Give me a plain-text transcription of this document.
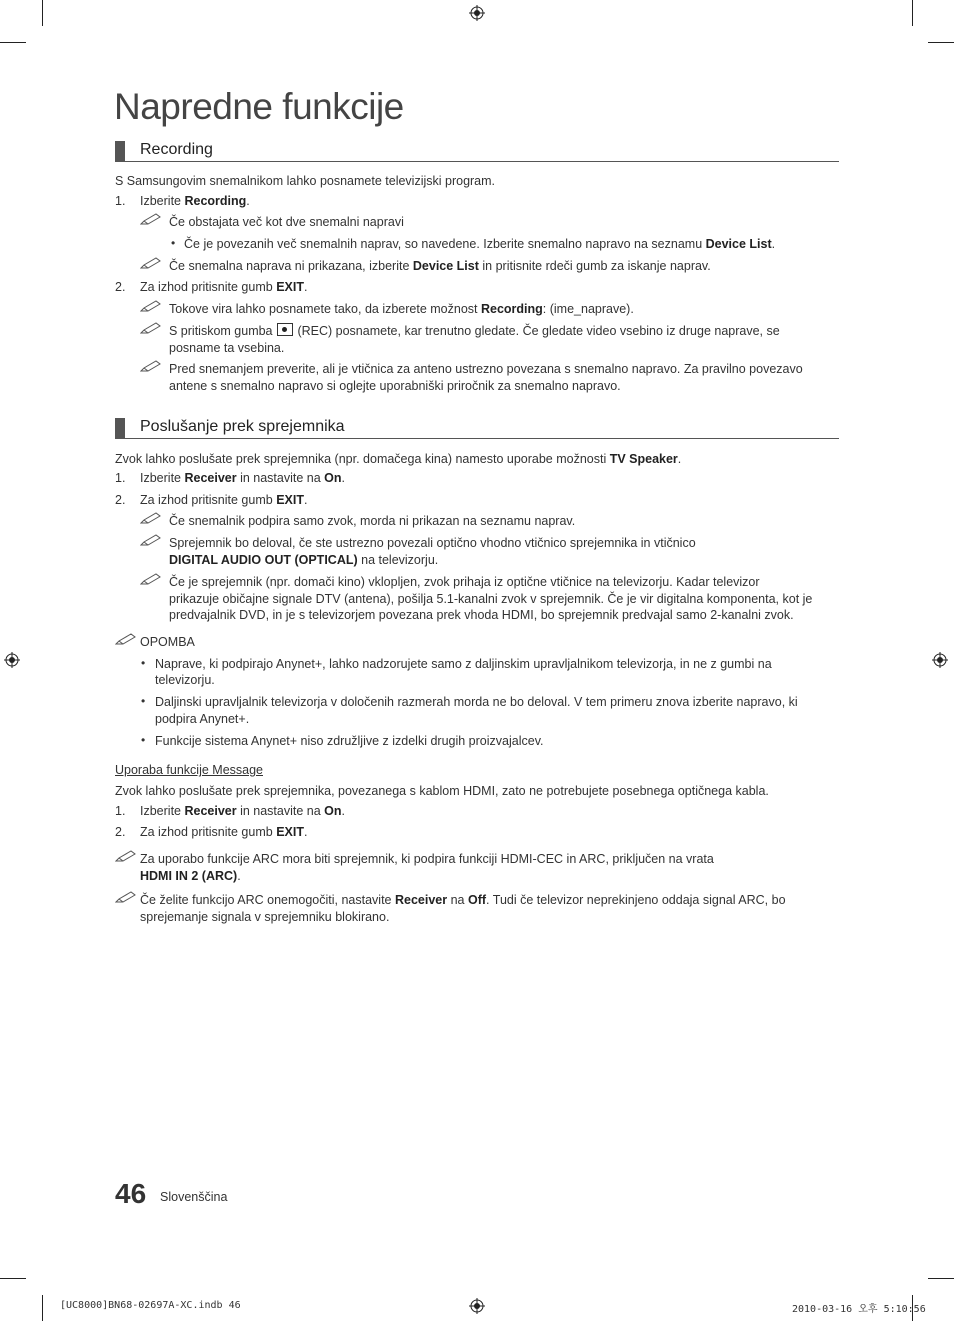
Napredne funkcije
Recording
S Samsungovim snemalnikom lahko posnamete televizijski program.
1. Izberite Recording.
Če obstajata več kot dve snemalni napravi
• Če je povezanih več snemalnih naprav, so navedene. Izberite snemalno napravo na seznamu Device List.
Če snemalna naprava ni prikazana, izberite Device List in pritisnite rdeči gumb za iskanje naprav.
2. Za izhod pritisnite gumb EXIT.
Tokove vira lahko posnamete tako, da izberete možnost Recording: (ime_naprave).
S pritiskom gumba
(REC) posnamete, kar trenutno gledate. Če gledate video vsebino iz druge naprave, se
posname ta vsebina.
Pred snemanjem preverite, ali je vtičnica za anteno ustrezno povezana s snemalno napravo. Za pravilno povezavo
antene s snemalno napravo si oglejte uporabniški priročnik za snemalno napravo.
Poslušanje prek sprejemnika
Zvok lahko poslušate prek sprejemnika (npr. domačega kina) namesto uporabe možnosti TV Speaker.
1. Izberite Receiver in nastavite na On.
2. Za izhod pritisnite gumb EXIT.
Če snemalnik podpira samo zvok, morda ni prikazan na seznamu naprav.
Sprejemnik bo deloval, če ste ustrezno povezali optično vhodno vtičnico sprejemnika in vtičnico
DIGITAL AUDIO OUT (OPTICAL) na televizorju.
Če je sprejemnik (npr. domači kino) vklopljen, zvok prihaja iz optične vtičnice na televizorju. Kadar televizor
prikazuje običajne signale DTV (antena), pošilja 5.1-kanalni zvok v sprejemnik. Če je vir digitalna komponenta, kot je
predvajalnik DVD, in je s televizorjem povezana prek vhoda HDMI, bo sprejemnik predvajal samo 2-kanalni zvok.
OPOMBA
• Naprave, ki podpirajo Anynet+, lahko nadzorujete samo z daljinskim upravljalnikom televizorja, in ne z gumbi na
televizorju.
• Daljinski upravljalnik televizorja v določenih razmerah morda ne bo deloval. V tem primeru znova izberite napravo, ki
podpira Anynet+.
• Funkcije sistema Anynet+ niso združljive z izdelki drugih proizvajalcev.
Uporaba funkcije Message
Zvok lahko poslušate prek sprejemnika, povezanega s kablom HDMI, zato ne potrebujete posebnega optičnega kabla.
1. Izberite Receiver in nastavite na On.
2. Za izhod pritisnite gumb EXIT.
Za uporabo funkcije ARC mora biti sprejemnik, ki podpira funkciji HDMI-CEC in ARC, priključen na vrata
HDMI IN 2 (ARC).
Če želite funkcijo ARC onemogočiti, nastavite Receiver na Off. Tudi če televizor neprekinjeno oddaja signal ARC, bo
sprejemanje signala v sprejemniku blokirano.
46 Slovenščina
[UC8000]BN68-02697A-XC.indb 46	2010-03-16 오후 5:10:56
